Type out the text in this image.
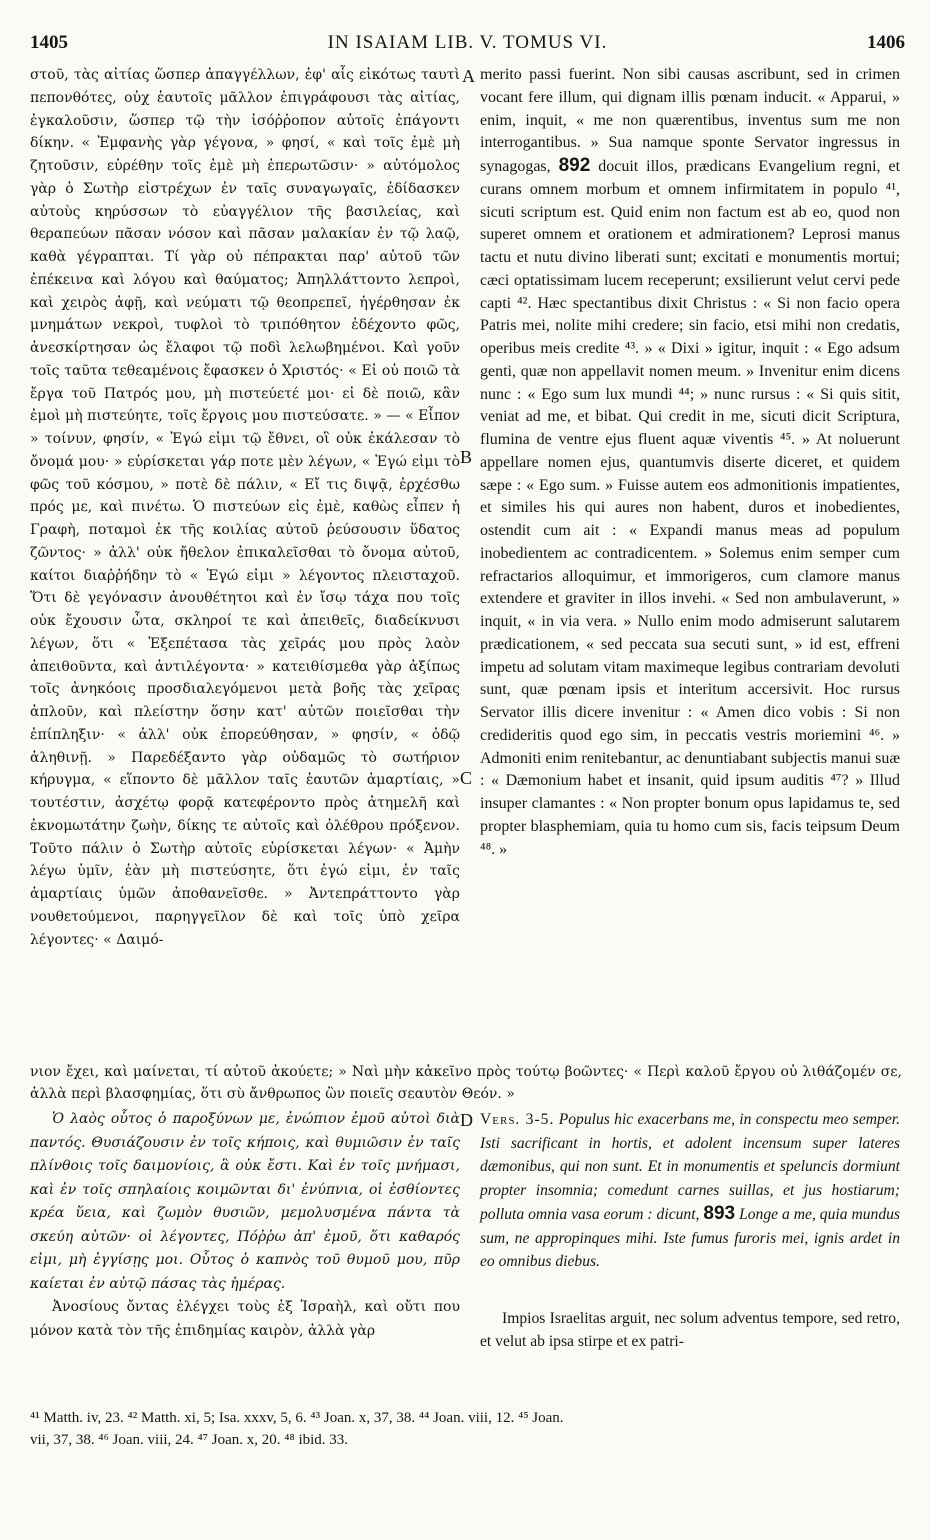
1405	IN ISAIAM LIB. V. TOMUS VI.	1406

στοῦ, τὰς αἰτίας ὥσπερ ἀπαγγέλλων, ἐφ' αἷς εἰκότως ταυτὶ πεπονθότες, οὐχ ἑαυτοῖς μᾶλλον ἐπιγράφουσι τὰς αἰτίας, ἐγκαλοῦσιν, ὥσπερ τῷ τὴν ἰσόῤῥοπον αὐτοῖς ἐπάγοντι δίκην. « Ἐμφανὴς γὰρ γέγονα, » φησί, « καὶ τοῖς ἐμὲ μὴ ζητοῦσιν, εὑρέθην τοῖς ἐμὲ μὴ ἐπερωτῶσιν· » αὐτόμολος γὰρ ὁ Σωτὴρ εἰστρέχων ἐν ταῖς συναγωγαῖς, ἐδίδασκεν αὐτοὺς κηρύσσων τὸ εὐαγγέλιον τῆς βασιλείας, καὶ θεραπεύων πᾶσαν νόσον καὶ πᾶσαν μαλακίαν ἐν τῷ λαῷ, καθὰ γέγραπται. Τί γὰρ οὐ πέπρακται παρ' αὐτοῦ τῶν ἐπέκεινα καὶ λόγου καὶ θαύματος; Ἀπηλλάττοντο λεπροὶ, καὶ χειρὸς ἁφῇ, καὶ νεύματι τῷ θεοπρεπεῖ, ἠγέρθησαν ἐκ μνημάτων νεκροὶ, τυφλοὶ τὸ τριπόθητον ἐδέχοντο φῶς, ἀνεσκίρτησαν ὡς ἔλαφοι τῷ ποδὶ λελωβημένοι. Καὶ γοῦν τοῖς ταῦτα τεθεαμένοις ἔφασκεν ὁ Χριστός· « Εἰ οὐ ποιῶ τὰ ἔργα τοῦ Πατρός μου, μὴ πιστεύετέ μοι· εἰ δὲ ποιῶ, κἂν ἐμοὶ μὴ πιστεύητε, τοῖς ἔργοις μου πιστεύσατε. » — « Εἶπον » τοίνυν, φησίν, « Ἐγώ εἰμι τῷ ἔθνει, οἳ οὐκ ἐκάλεσαν τὸ ὄνομά μου· » εὑρίσκεται γάρ ποτε μὲν λέγων, « Ἐγώ εἰμι τὸ φῶς τοῦ κόσμου, » ποτὲ δὲ πάλιν, « Εἴ τις διψᾷ, ἐρχέσθω πρός με, καὶ πινέτω. Ὁ πιστεύων εἰς ἐμὲ, καθὼς εἶπεν ἡ Γραφὴ, ποταμοὶ ἐκ τῆς κοιλίας αὐτοῦ ῥεύσουσιν ὕδατος ζῶντος· » ἀλλ' οὐκ ἤθελον ἐπικαλεῖσθαι τὸ ὄνομα αὐτοῦ, καίτοι διαῤῥήδην τὸ « Ἐγώ εἰμι » λέγοντος πλεισταχοῦ. Ὅτι δὲ γεγόνασιν ἀνουθέτητοι καὶ ἐν ἴσῳ τάχα που τοῖς οὐκ ἔχουσιν ὦτα, σκληροί τε καὶ ἀπειθεῖς, διαδείκνυσι λέγων, ὅτι « Ἐξεπέτασα τὰς χεῖράς μου πρὸς λαὸν ἀπειθοῦντα, καὶ ἀντιλέγοντα· » κατειθίσμεθα γὰρ ἀξίπως τοῖς ἀνηκόοις προσδιαλεγόμενοι μετὰ βοῆς τὰς χεῖρας ἁπλοῦν, καὶ πλείστην ὅσην κατ' αὐτῶν ποιεῖσθαι τὴν ἐπίπληξιν· « ἀλλ' οὐκ ἐπορεύθησαν, » φησίν, « ὁδῷ ἀληθινῇ. » Παρεδέξαντο γὰρ οὐδαμῶς τὸ σωτήριον κήρυγμα, « εἵποντο δὲ μᾶλλον ταῖς ἑαυτῶν ἁμαρτίαις, » τουτέστιν, ἀσχέτῳ φορᾷ κατεφέροντο πρὸς ἀτημελῆ καὶ ἐκνομωτάτην ζωὴν, δίκης τε αὐτοῖς καὶ ὀλέθρου πρόξενον. Τοῦτο πάλιν ὁ Σωτὴρ αὐτοῖς εὑρίσκεται λέγων· « Ἀμὴν λέγω ὑμῖν, ἐὰν μὴ πιστεύσητε, ὅτι ἐγώ εἰμι, ἐν ταῖς ἁμαρτίαις ὑμῶν ἀποθανεῖσθε. » Ἀντεπράττοντο γὰρ νουθετούμενοι, παρηγγεῖλον δὲ καὶ τοῖς ὑπὸ χεῖρα λέγοντες· « Δαιμό-

merito passi fuerint. Non sibi causas ascribunt, sed in crimen vocant fere illum, qui dignam illis pœnam inducit. « Apparui, » enim, inquit, « me non quærentibus, inventus sum me non interrogantibus. » Sua namque sponte Servator ingressus in synagogas, 892 docuit illos, prædicans Evangelium regni, et curans omnem morbum et omnem infirmitatem in populo ⁴¹, sicuti scriptum est. Quid enim non factum est ab eo, quod non superet omnem et orationem et admirationem? Leprosi manus tactu et nutu divino liberati sunt; excitati e monumentis mortui; cæci optatissimam lucem receperunt; exsilierunt velut cervi pede capti ⁴². Hæc spectantibus dixit Christus : « Si non facio opera Patris mei, nolite mihi credere; sin facio, etsi mihi non credatis, operibus meis credite ⁴³. » « Dixi » igitur, inquit : « Ego adsum genti, quæ non appellavit nomen meum. » Invenitur enim dicens nunc : « Ego sum lux mundi ⁴⁴; » nunc rursus : « Si quis sitit, veniat ad me, et bibat. Qui credit in me, sicuti dicit Scriptura, flumina de ventre ejus fluent aquæ viventis ⁴⁵. » At noluerunt appellare nomen ejus, quantumvis diserte diceret, et quidem sæpe : « Ego sum. » Fuisse autem eos admonitionis impatientes, et similes his qui aures non habent, duros et inobedientes, ostendit cum ait : « Expandi manus meas ad populum inobedientem ac contradicentem. » Solemus enim semper cum refractarios alloquimur, et immorigeros, cum clamore manus extendere et graviter in illos invehi. « Sed non ambulaverunt, » inquit, « in via vera. » Nullo enim modo admiserunt salutarem prædicationem, « sed peccata sua secuti sunt, » id est, effreni impetu ad solutam vitam maximeque legibus contrariam devoluti sunt, quæ pœnam ipsis et interitum accersivit. Hoc rursus Servator illis dicere invenitur : « Amen dico vobis : Si non credideritis quod ego sim, in peccatis vestris moriemini ⁴⁶. » Admoniti enim renitebantur, ac denuntiabant subjectis manui suæ : « Dæmonium habet et insanit, quid ipsum auditis ⁴⁷? » Illud insuper clamantes : « Non propter bonum opus lapidamus te, sed propter blasphemiam, quia tu homo cum sis, facis teipsum Deum ⁴⁸. »

A
B
C
D

νιον ἔχει, καὶ μαίνεται, τί αὐτοῦ ἀκούετε; » Ναὶ μὴν κἀκεῖνο πρὸς τούτῳ βοῶντες· « Περὶ καλοῦ ἔργου οὐ λιθάζομέν σε, ἀλλὰ περὶ βλασφημίας, ὅτι σὺ ἄνθρωπος ὢν ποιεῖς σεαυτὸν Θεόν. »

Ὁ λαὸς οὗτος ὁ παροξύνων με, ἐνώπιον ἐμοῦ αὐτοὶ διὰ παντός. Θυσιάζουσιν ἐν τοῖς κήποις, καὶ θυμιῶσιν ἐν ταῖς πλίνθοις τοῖς δαιμονίοις, ἃ οὐκ ἔστι. Καὶ ἐν τοῖς μνήμασι, καὶ ἐν τοῖς σπηλαίοις κοιμῶνται δι' ἐνύπνια, οἱ ἐσθίοντες κρέα ὕεια, καὶ ζωμὸν θυσιῶν, μεμολυσμένα πάντα τὰ σκεύη αὐτῶν· οἱ λέγοντες, Πόῤῥω ἀπ' ἐμοῦ, ὅτι καθαρός εἰμι, μὴ ἐγγίσῃς μοι. Οὗτος ὁ καπνὸς τοῦ θυμοῦ μου, πῦρ καίεται ἐν αὐτῷ πάσας τὰς ἡμέρας.

Ἀνοσίους ὄντας ἐλέγχει τοὺς ἐξ Ἰσραὴλ, καὶ οὔτι που μόνον κατὰ τὸν τῆς ἐπιδημίας καιρὸν, ἀλλὰ γὰρ

Vers. 3-5. Populus hic exacerbans me, in conspectu meo semper. Isti sacrificant in hortis, et adolent incensum super lateres dæmonibus, qui non sunt. Et in monumentis et speluncis dormiunt propter insomnia; comedunt carnes suillas, et jus hostiarum; polluta omnia vasa eorum : dicunt, 893 Longe a me, quia mundus sum, ne appropinques mihi. Iste fumus furoris mei, ignis ardet in eo omnibus diebus.

Impios Israelitas arguit, nec solum adventus tempore, sed retro, et velut ab ipsa stirpe et ex patri-

⁴¹ Matth. iv, 23. ⁴² Matth. xi, 5; Isa. xxxv, 5, 6. ⁴³ Joan. x, 37, 38. ⁴⁴ Joan. viii, 12. ⁴⁵ Joan.
vii, 37, 38. ⁴⁶ Joan. viii, 24. ⁴⁷ Joan. x, 20. ⁴⁸ ibid. 33.
